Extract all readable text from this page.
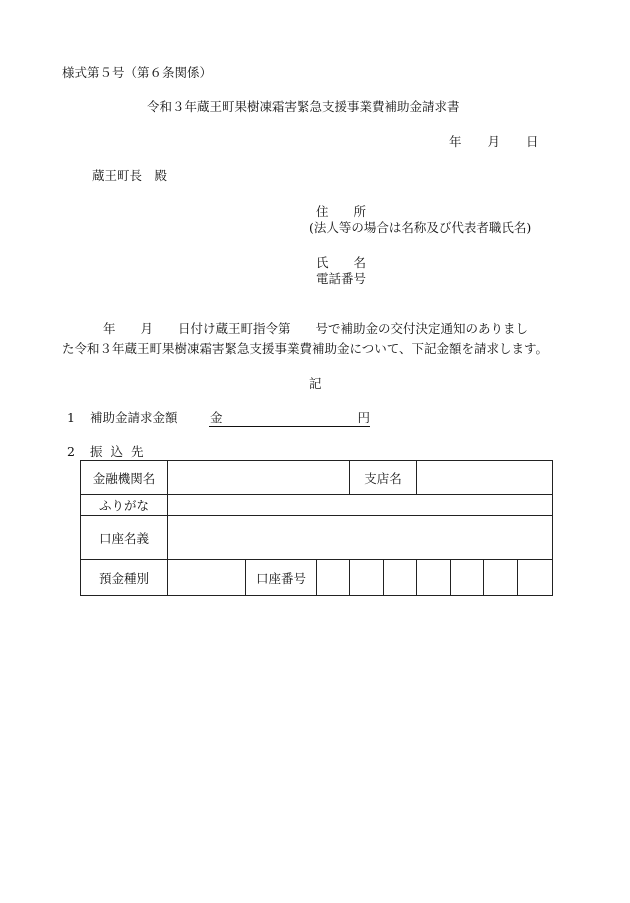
様式第５号（第６条関係）
令和３年蔵王町果樹凍霜害緊急支援事業費補助金請求書
年 月 日
蔵王町長　殿
住　　所
(法人等の場合は名称及び代表者職氏名)
氏　　名
電話番号
年　　月　　日付け蔵王町指令第　　号で補助金の交付決定通知のありまし
た令和３年蔵王町果樹凍霜害緊急支援事業費補助金について、下記金額を請求します。
記
1 補助金請求金額	金	円

2 振込先
金融機関名				支店名					
ふりがな									
口座名義									
預金種別		口座番号							
